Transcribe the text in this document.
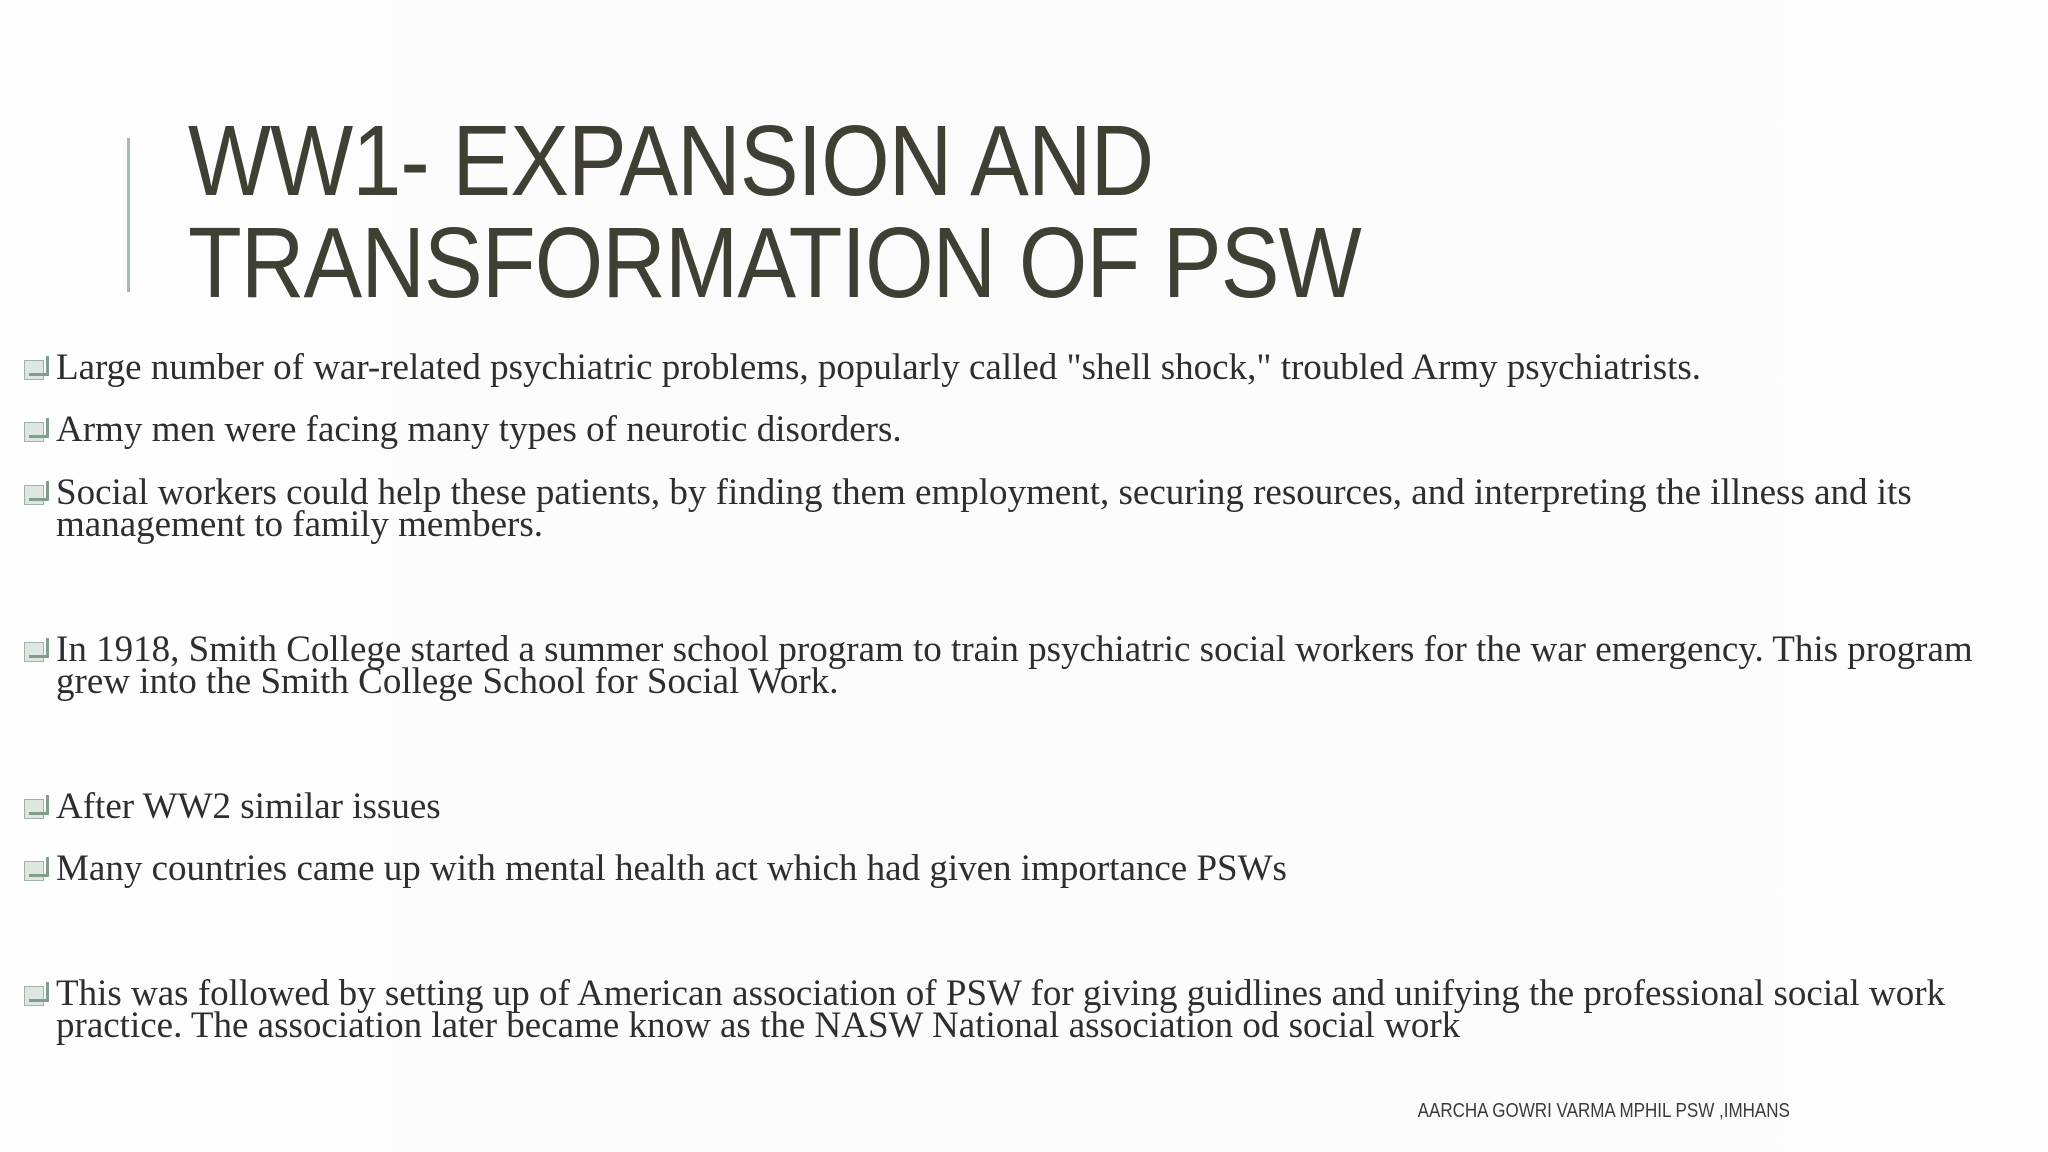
WW1- EXPANSION AND
TRANSFORMATION OF PSW
Large number of war-related psychiatric problems, popularly called "shell shock," troubled Army psychiatrists.
Army men were facing many types of neurotic disorders.
Social workers could help these patients, by finding them employment, securing resources, and interpreting the illness and its management to family members.
In 1918, Smith College started a summer school program to train psychiatric social workers for the war emergency. This program grew into the Smith College School for Social Work.
After WW2 similar issues
Many countries came up with mental health act which had given importance PSWs
This was followed by setting up of American association of PSW for giving guidlines and unifying the professional social work practice. The association later became know as the NASW National association od social work
AARCHA GOWRI VARMA MPHIL PSW ,IMHANS
